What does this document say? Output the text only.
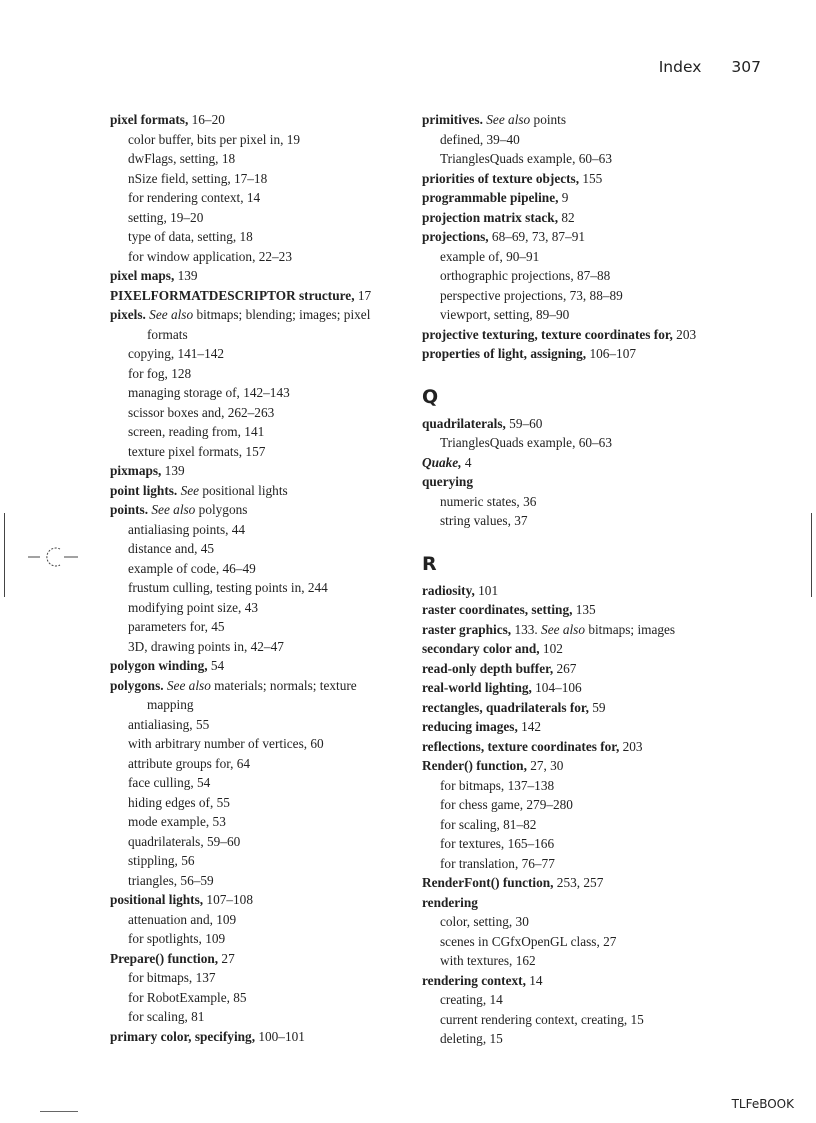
Index 307
pixel formats, 16–20
color buffer, bits per pixel in, 19
dwFlags, setting, 18
nSize field, setting, 17–18
for rendering context, 14
setting, 19–20
type of data, setting, 18
for window application, 22–23
pixel maps, 139
PIXELFORMATDESCRIPTOR structure, 17
pixels. See also bitmaps; blending; images; pixel formats
copying, 141–142
for fog, 128
managing storage of, 142–143
scissor boxes and, 262–263
screen, reading from, 141
texture pixel formats, 157
pixmaps, 139
point lights. See positional lights
points. See also polygons
antialiasing points, 44
distance and, 45
example of code, 46–49
frustum culling, testing points in, 244
modifying point size, 43
parameters for, 45
3D, drawing points in, 42–47
polygon winding, 54
polygons. See also materials; normals; texture mapping
antialiasing, 55
with arbitrary number of vertices, 60
attribute groups for, 64
face culling, 54
hiding edges of, 55
mode example, 53
quadrilaterals, 59–60
stippling, 56
triangles, 56–59
positional lights, 107–108
attenuation and, 109
for spotlights, 109
Prepare() function, 27
for bitmaps, 137
for RobotExample, 85
for scaling, 81
primary color, specifying, 100–101
primitives. See also points
defined, 39–40
TrianglesQuads example, 60–63
priorities of texture objects, 155
programmable pipeline, 9
projection matrix stack, 82
projections, 68–69, 73, 87–91
example of, 90–91
orthographic projections, 87–88
perspective projections, 73, 88–89
viewport, setting, 89–90
projective texturing, texture coordinates for, 203
properties of light, assigning, 106–107
Q
quadrilaterals, 59–60
TrianglesQuads example, 60–63
Quake, 4
querying
numeric states, 36
string values, 37
R
radiosity, 101
raster coordinates, setting, 135
raster graphics, 133. See also bitmaps; images
secondary color and, 102
read-only depth buffer, 267
real-world lighting, 104–106
rectangles, quadrilaterals for, 59
reducing images, 142
reflections, texture coordinates for, 203
Render() function, 27, 30
for bitmaps, 137–138
for chess game, 279–280
for scaling, 81–82
for textures, 165–166
for translation, 76–77
RenderFont() function, 253, 257
rendering
color, setting, 30
scenes in CGfxOpenGL class, 27
with textures, 162
rendering context, 14
creating, 14
current rendering context, creating, 15
deleting, 15
TLFeBOOK
